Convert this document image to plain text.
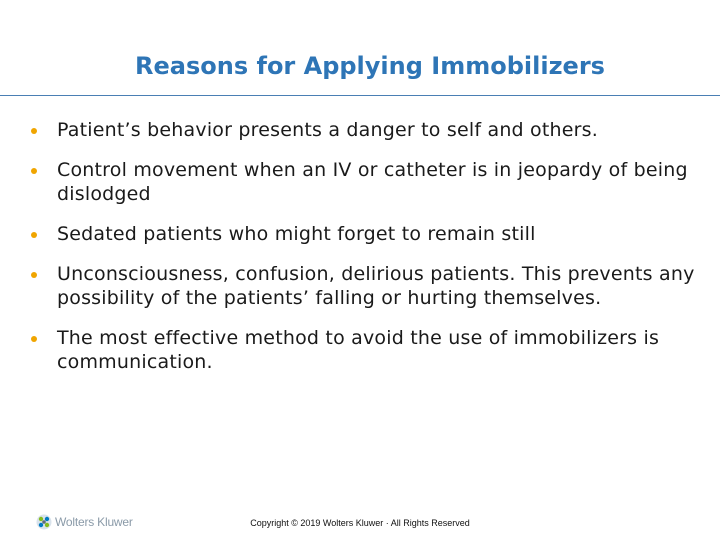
Reasons for Applying Immobilizers
Patient’s behavior presents a danger to self and others.
Control movement when an IV or catheter is in jeopardy of being dislodged
Sedated patients who might forget to remain still
Unconsciousness, confusion, delirious patients. This prevents any possibility of the patients’ falling or hurting themselves.
The most effective method to avoid the use of immobilizers is communication.
Wolters Kluwer	Copyright © 2019 Wolters Kluwer · All Rights Reserved
